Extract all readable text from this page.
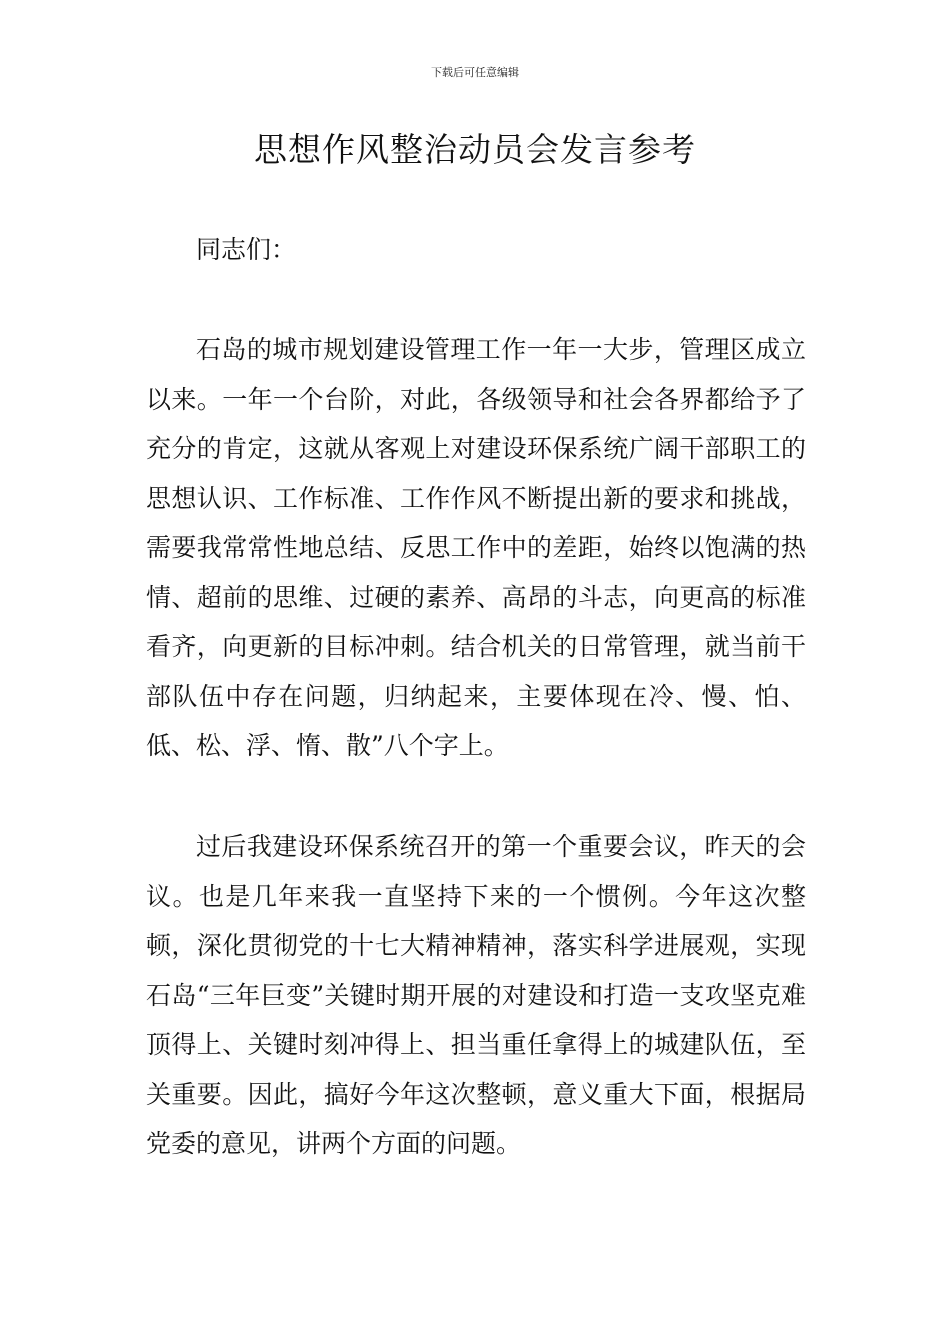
下载后可任意编辑
思想作风整治动员会发言参考

同志们：

石岛的城市规划建设管理工作一年一大步，管理区成立以来。一年一个台阶，对此，各级领导和社会各界都给予了充分的肯定，这就从客观上对建设环保系统广阔干部职工的思想认识、工作标准、工作作风不断提出新的要求和挑战，需要我常常性地总结、反思工作中的差距，始终以饱满的热情、超前的思维、过硬的素养、高昂的斗志，向更高的标准看齐，向更新的目标冲刺。结合机关的日常管理，就当前干部队伍中存在问题，归纳起来，主要体现在冷、慢、怕、低、松、浮、惰、散”八个字上。

过后我建设环保系统召开的第一个重要会议，昨天的会议。也是几年来我一直坚持下来的一个惯例。今年这次整顿，深化贯彻党的十七大精神精神，落实科学进展观，实现石岛“三年巨变”关键时期开展的对建设和打造一支攻坚克难顶得上、关键时刻冲得上、担当重任拿得上的城建队伍，至关重要。因此，搞好今年这次整顿，意义重大下面，根据局党委的意见，讲两个方面的问题。
